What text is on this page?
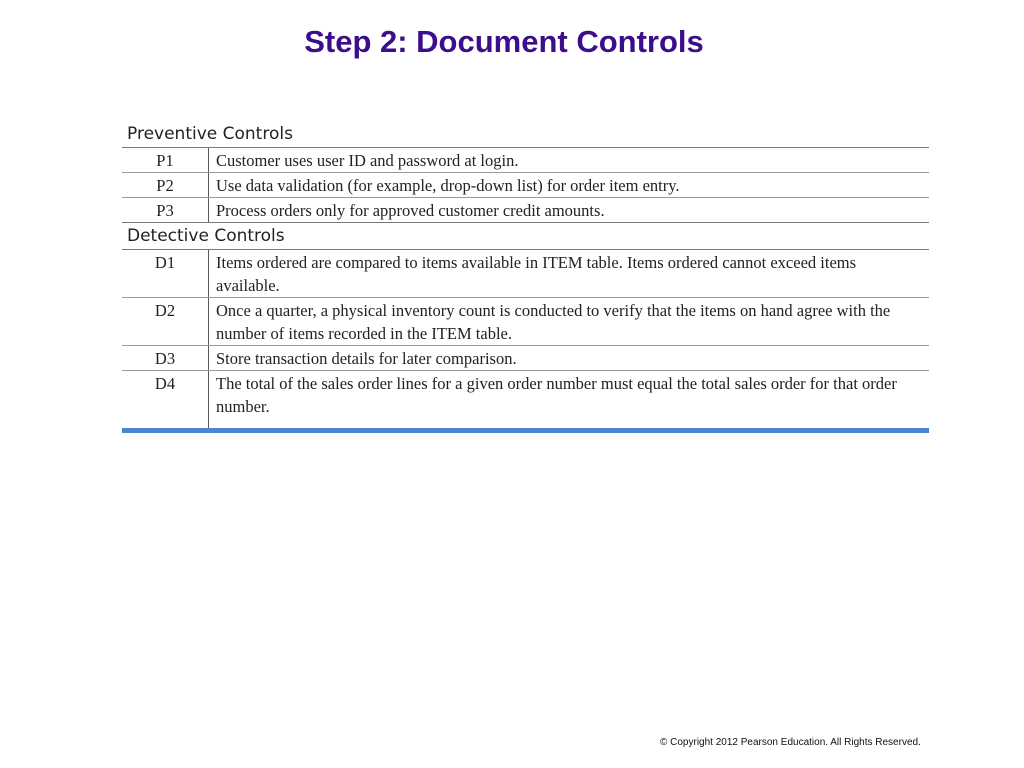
Step 2: Document Controls
Preventive Controls
P1	Customer uses user ID and password at login.
P2	Use data validation (for example, drop-down list) for order item entry.
P3	Process orders only for approved customer credit amounts.
Detective Controls
D1	Items ordered are compared to items available in ITEM table. Items ordered cannot exceed items available.
D2	Once a quarter, a physical inventory count is conducted to verify that the items on hand agree with the number of items recorded in the ITEM table.
D3	Store transaction details for later comparison.
D4	The total of the sales order lines for a given order number must equal the total sales order for that order number.
© Copyright 2012 Pearson Education. All Rights Reserved.
